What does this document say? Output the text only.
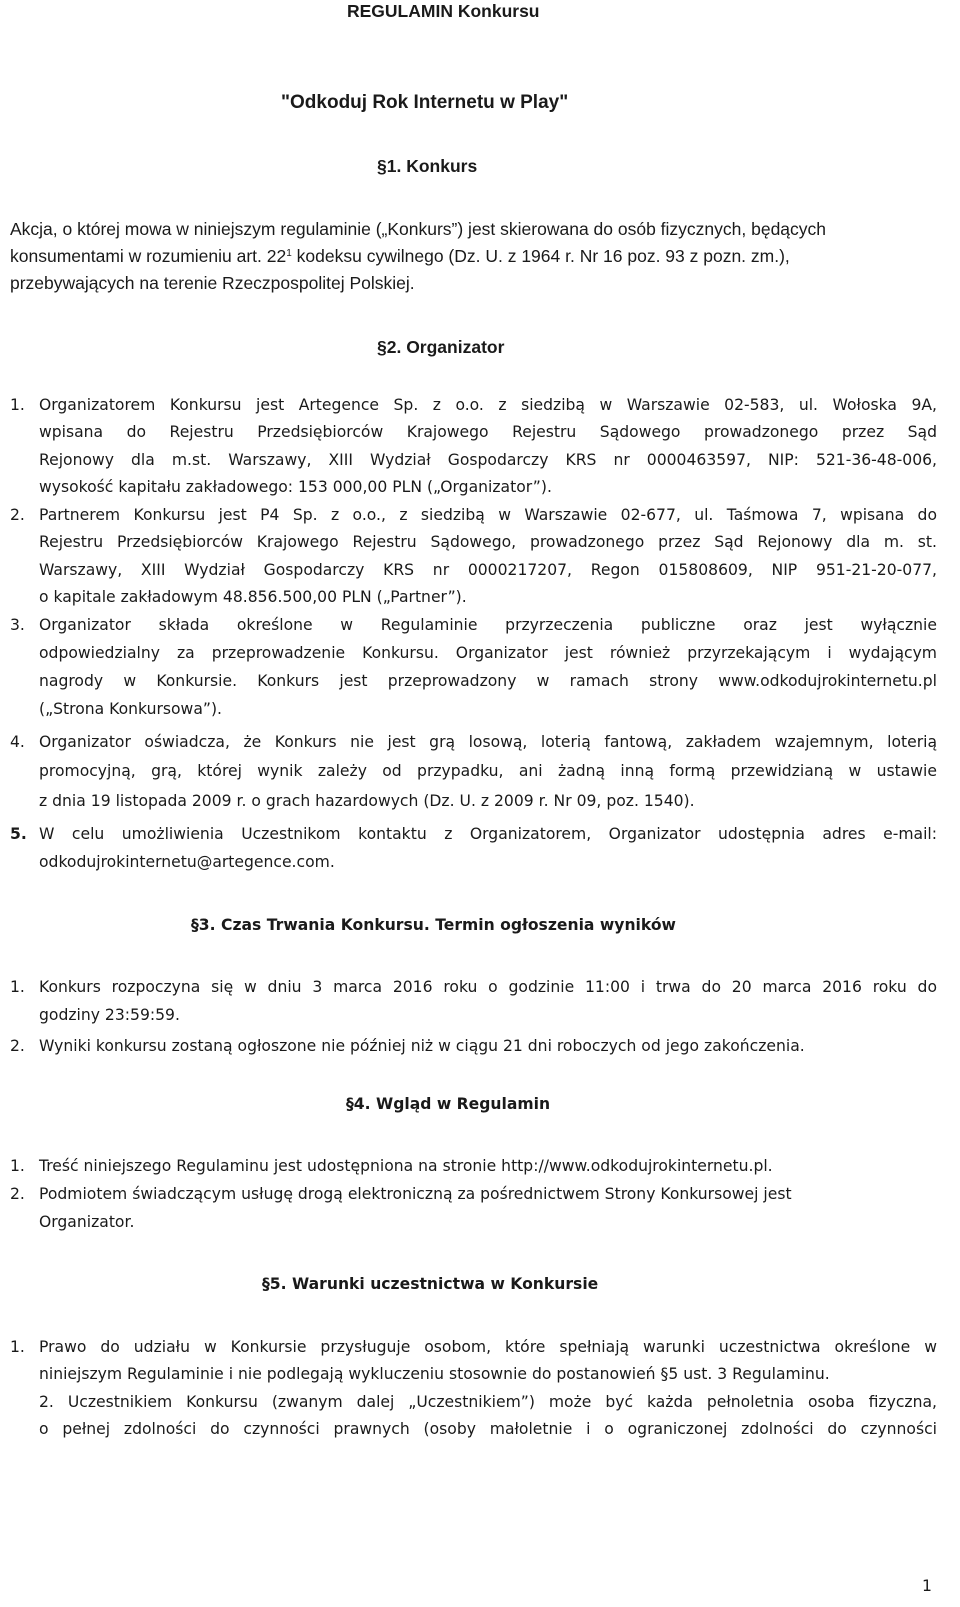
REGULAMIN Konkursu
"Odkoduj Rok Internetu w Play"
§1. Konkurs
Akcja, o której mowa w niniejszym regulaminie („Konkurs”) jest skierowana do osób fizycznych, będących
konsumentami w rozumieniu art. $22^1$ kodeksu cywilnego (Dz. U. z 1964 r. Nr 16 poz. 93 z pozn. zm.),
przebywających na terenie Rzeczpospolitej Polskiej.
§2. Organizator
1. Organizatorem Konkursu jest Artegence Sp. z o.o. z siedzibą w Warszawie 02-583, ul. Wołoska 9A,
wpisana do Rejestru Przedsiębiorców Krajowego Rejestru Sądowego prowadzonego przez Sąd
Rejonowy dla m.st. Warszawy, XIII Wydział Gospodarczy KRS nr 0000463597, NIP: 521-36-48-006,
wysokość kapitału zakładowego: 153 000,00 PLN („Organizator”).
2. Partnerem Konkursu jest P4 Sp. z o.o., z siedzibą w Warszawie 02-677, ul. Taśmowa 7, wpisana do
Rejestru Przedsiębiorców Krajowego Rejestru Sądowego, prowadzonego przez Sąd Rejonowy dla m. st.
Warszawy, XIII Wydział Gospodarczy KRS nr 0000217207, Regon 015808609, NIP 951-21-20-077,
o kapitale zakładowym 48.856.500,00 PLN („Partner”).
3. Organizator składa określone w Regulaminie przyrzeczenia publiczne oraz jest wyłącznie
odpowiedzialny za przeprowadzenie Konkursu. Organizator jest również przyrzekającym i wydającym
nagrody w Konkursie. Konkurs jest przeprowadzony w ramach strony www.odkodujrokinternetu.pl
(„Strona Konkursowa”).
4. Organizator oświadcza, że Konkurs nie jest grą losową, loterią fantową, zakładem wzajemnym, loterią
promocyjną, grą, której wynik zależy od przypadku, ani żadną inną formą przewidzianą w ustawie
z dnia 19 listopada 2009 r. o grach hazardowych (Dz. U. z 2009 r. Nr 09, poz. 1540).
5. W celu umożliwienia Uczestnikom kontaktu z Organizatorem, Organizator udostępnia adres e-mail:
odkodujrokinternetu@artegence.com.
§3. Czas Trwania Konkursu. Termin ogłoszenia wyników
1. Konkurs rozpoczyna się w dniu 3 marca 2016 roku o godzinie 11:00 i trwa do 20 marca 2016 roku do
godziny 23:59:59.
2. Wyniki konkursu zostaną ogłoszone nie później niż w ciągu 21 dni roboczych od jego zakończenia.
§4. Wgląd w Regulamin
1. Treść niniejszego Regulaminu jest udostępniona na stronie http://www.odkodujrokinternetu.pl.
2. Podmiotem świadczącym usługę drogą elektroniczną za pośrednictwem Strony Konkursowej jest
Organizator.
§5. Warunki uczestnictwa w Konkursie
1. Prawo do udziału w Konkursie przysługuje osobom, które spełniają warunki uczestnictwa określone w
niniejszym Regulaminie i nie podlegają wykluczeniu stosownie do postanowień §5 ust. 3 Regulaminu.
2. Uczestnikiem Konkursu (zwanym dalej „Uczestnikiem”) może być każda pełnoletnia osoba fizyczna,
o pełnej zdolności do czynności prawnych (osoby małoletnie i o ograniczonej zdolności do czynności
1
